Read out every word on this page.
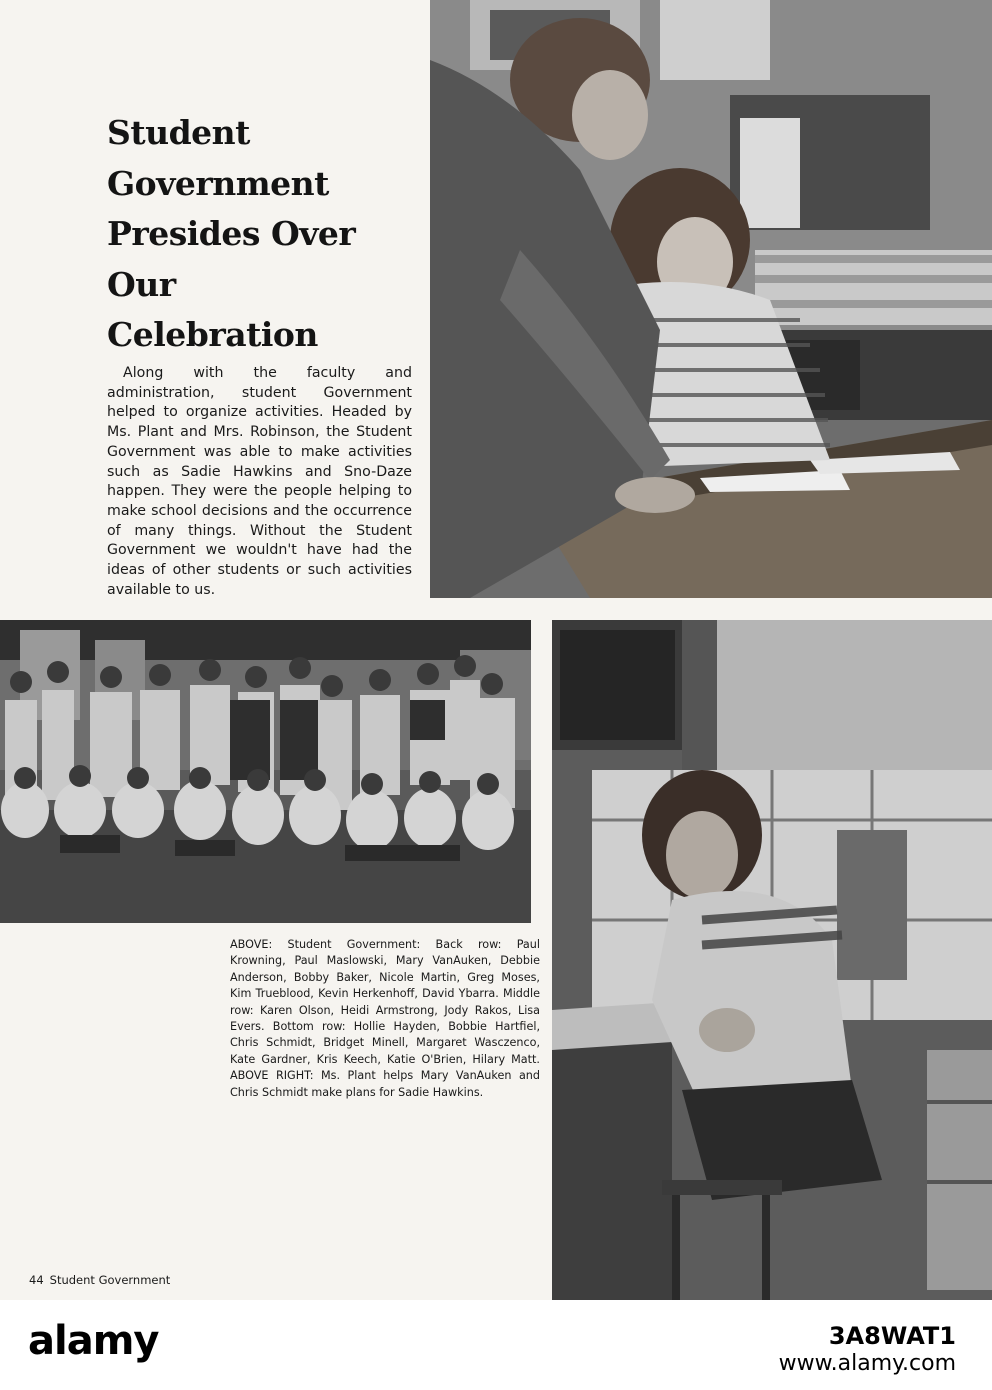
Student
Government
Presides Over
Our
Celebration

Along with the faculty and administration, student Government helped to organize activities. Headed by Ms. Plant and Mrs. Robinson, the Student Government was able to make activities such as Sadie Hawkins and Sno-Daze happen. They were the people helping to make school decisions and the occurrence of many things. Without the Student Government we wouldn't have had the ideas of other students or such activities available to us.

ABOVE: Student Government: Back row: Paul Krowning, Paul Maslowski, Mary VanAuken, Debbie Anderson, Bobby Baker, Nicole Martin, Greg Moses, Kim Trueblood, Kevin Herkenhoff, David Ybarra. Middle row: Karen Olson, Heidi Armstrong, Jody Rakos, Lisa Evers. Bottom row: Hollie Hayden, Bobbie Hartfiel, Chris Schmidt, Bridget Minell, Margaret Wasczenco, Kate Gardner, Kris Keech, Katie O'Brien, Hilary Matt. ABOVE RIGHT: Ms. Plant helps Mary VanAuken and Chris Schmidt make plans for Sadie Hawkins.

44 Student Government
alamy	3A8WAT1
www.alamy.com
